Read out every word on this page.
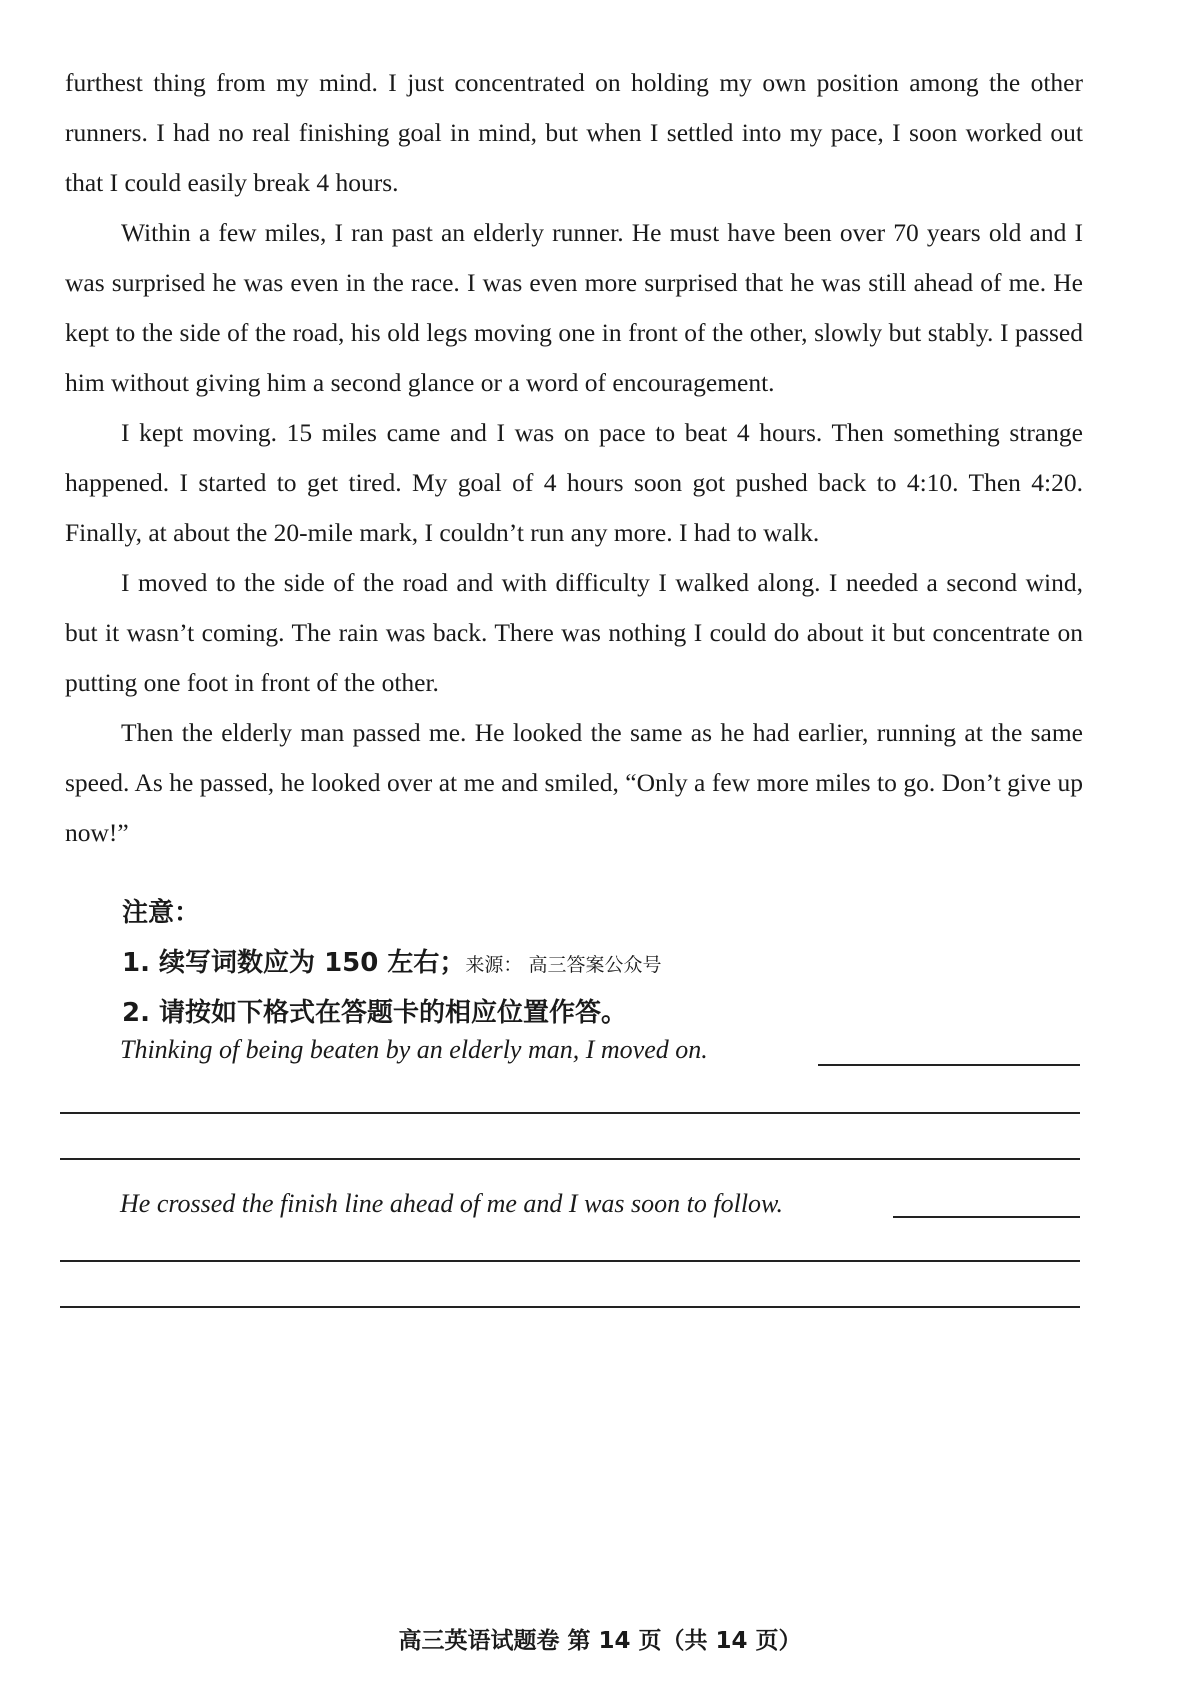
furthest thing from my mind. I just concentrated on holding my own position among the other runners. I had no real finishing goal in mind, but when I settled into my pace, I soon worked out that I could easily break 4 hours.

Within a few miles, I ran past an elderly runner. He must have been over 70 years old and I was surprised he was even in the race. I was even more surprised that he was still ahead of me. He kept to the side of the road, his old legs moving one in front of the other, slowly but stably. I passed him without giving him a second glance or a word of encouragement.

I kept moving. 15 miles came and I was on pace to beat 4 hours. Then something strange happened. I started to get tired. My goal of 4 hours soon got pushed back to 4:10. Then 4:20. Finally, at about the 20-mile mark, I couldn’t run any more. I had to walk.

I moved to the side of the road and with difficulty I walked along. I needed a second wind, but it wasn’t coming. The rain was back. There was nothing I could do about it but concentrate on putting one foot in front of the other.

Then the elderly man passed me. He looked the same as he had earlier, running at the same speed. As he passed, he looked over at me and smiled, “Only a few more miles to go. Don’t give up now!”

注意：
1. 续写词数应为 150 左右；来源： 高三答案公众号
2. 请按如下格式在答题卡的相应位置作答。
Thinking of being beaten by an elderly man, I moved on.
He crossed the finish line ahead of me and I was soon to follow.
高三英语试题卷 第 14 页（共 14 页）
